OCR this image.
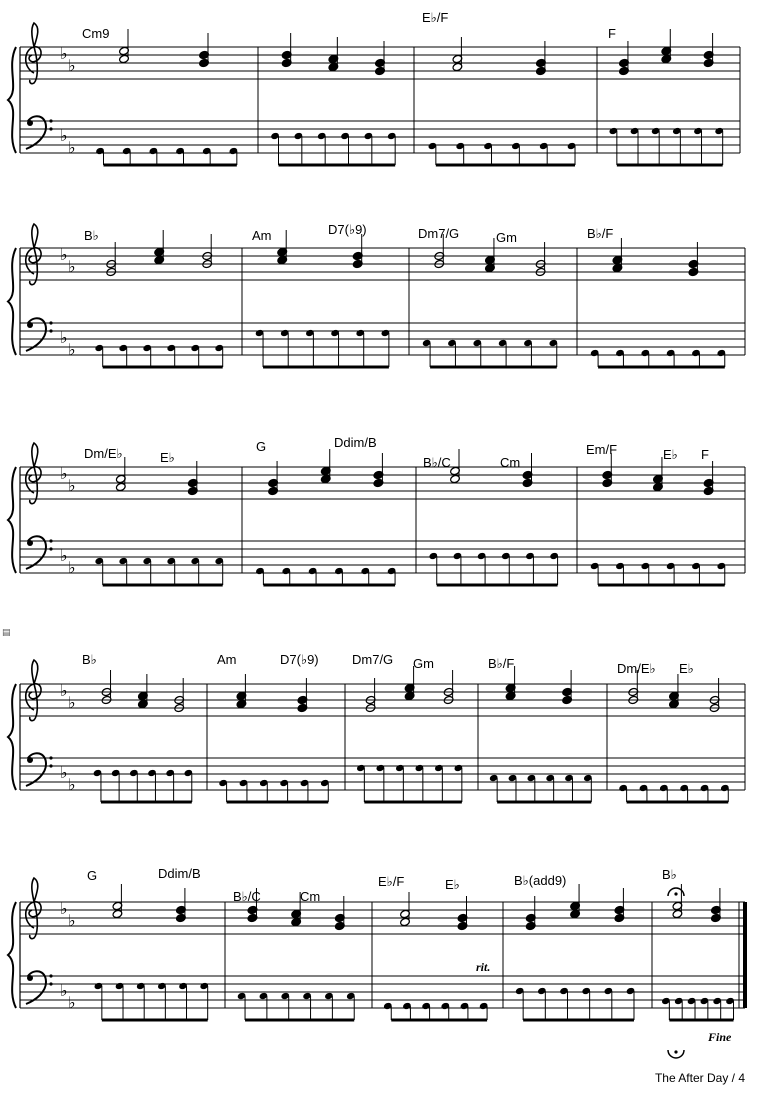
♭
♭
♭
♭
♭
♭
♭
♭
♭
♭
♭
♭
♭
♭
♭
♭
♭
♭
♭
♭
Cm9
E♭/F
F
B♭	Am	D7(♭9)	Dm7/G	Gm	B♭/F
Dm/E♭	E♭
G	Ddim/B
B♭/C	Cm
Em/F	E♭ F
B♭	Am	D7(♭9)	Dm7/G Gm	B♭/F	Dm/E♭ E♭
G	Ddim/B
B♭/C	Cm
E♭/F	E♭	B♭(add9)	B♭
rit.
Fine
The After Day / 4
▤
